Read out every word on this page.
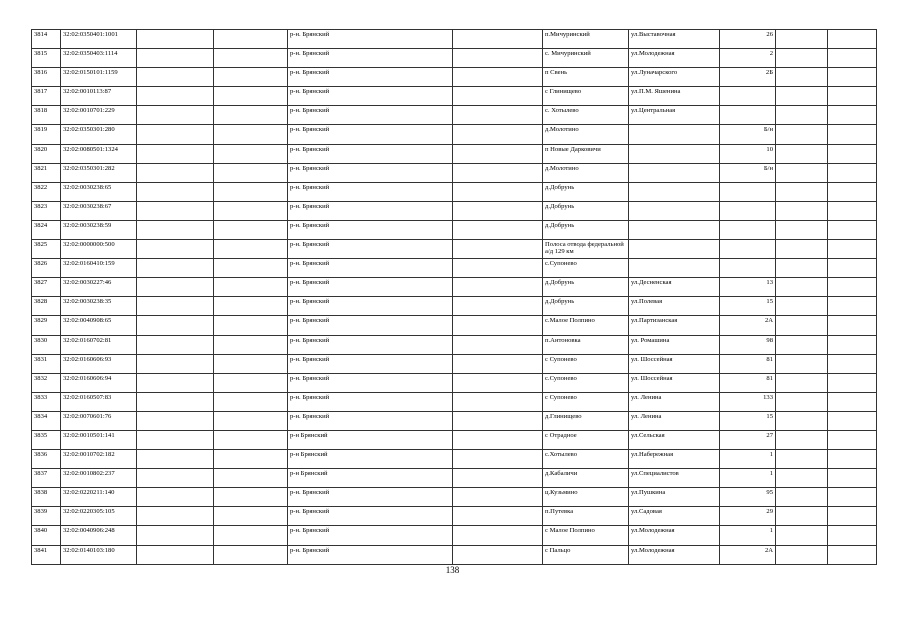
3814	32:02:0350401:1001			р-н. Брянский		п.Мичуринский	ул.Выставочная	26		
3815	32:02:0350403:1114			р-н. Брянский		с. Мичуринский	ул.Молодежная	2		
3816	32:02:0150101:1159			р-н. Брянский		п Свень	ул.Луначарского	2Б		
3817	32:02:0010113:87			р-н. Брянский		с Глинищево	ул.П.М. Яшенина			
3818	32:02:0010701:229			р-н. Брянский		с. Хотылево	ул.Центральная			
3819	32:02:0350301:280			р-н. Брянский		д.Молотино		Б/н		
3820	32:02:0080501:1324			р-н. Брянский		п Новые Дарковичи		10		
3821	32:02:0350301:282			р-н. Брянский		д.Молотино		Б/н		
3822	32:02:0030238:65			р-н. Брянский		д.Добрунь				
3823	32:02:0030238:67			р-н. Брянский		д.Добрунь				
3824	32:02:0030238:59			р-н. Брянский		д.Добрунь				
3825	32:02:0000000:500			р-н. Брянский		Полоса отвода федеральной а/д 129 км				
3826	32:02:0160410:159			р-н. Брянский		с.Супонево				
3827	32:02:0030227:46			р-н. Брянский		д.Добрунь	ул.Десненская	13		
3828	32:02:0030238:35			р-н. Брянский		д.Добрунь	ул.Полевая	15		
3829	32:02:0040908:65			р-н. Брянский		с.Малое Полпино	ул.Партизанская	2А		
3830	32:02:0160702:81			р-н. Брянский		п.Антоновка	ул. Ромашина	98		
3831	32:02:0160606:93			р-н. Брянский		с Супонево	ул. Шоссейная	81		
3832	32:02:0160606:94			р-н. Брянский		с.Супонево	ул. Шоссейная	81		
3833	32:02:0160507:83			р-н. Брянский		с Супонево	ул. Ленина	133		
3834	32:02:0070601:76			р-н. Брянский		д.Глинищево	ул. Ленина	15		
3835	32:02:0010501:141			р-н Брянский		с Отрадное	ул.Сельская	27		
3836	32:02:0010702:182			р-н Брянский		с.Хотылево	ул.Набережная	1		
3837	32:02:0010802:237			р-н Брянский		д.Кабаличи	ул.Специалистов	1		
3838	32:02:0220211:140			р-н. Брянский		ц.Кузьмино	ул.Пушкина	95		
3839	32:02:0220305:105			р-н. Брянский		п.Путевка	ул.Садовая	29		
3840	32:02:0040906:248			р-н. Брянский		с Малое Полпино	ул.Молодежная	1		
3841	32:02:0140103:180			р-н. Брянский		с Пальцо	ул.Молодежная	2А		
138
